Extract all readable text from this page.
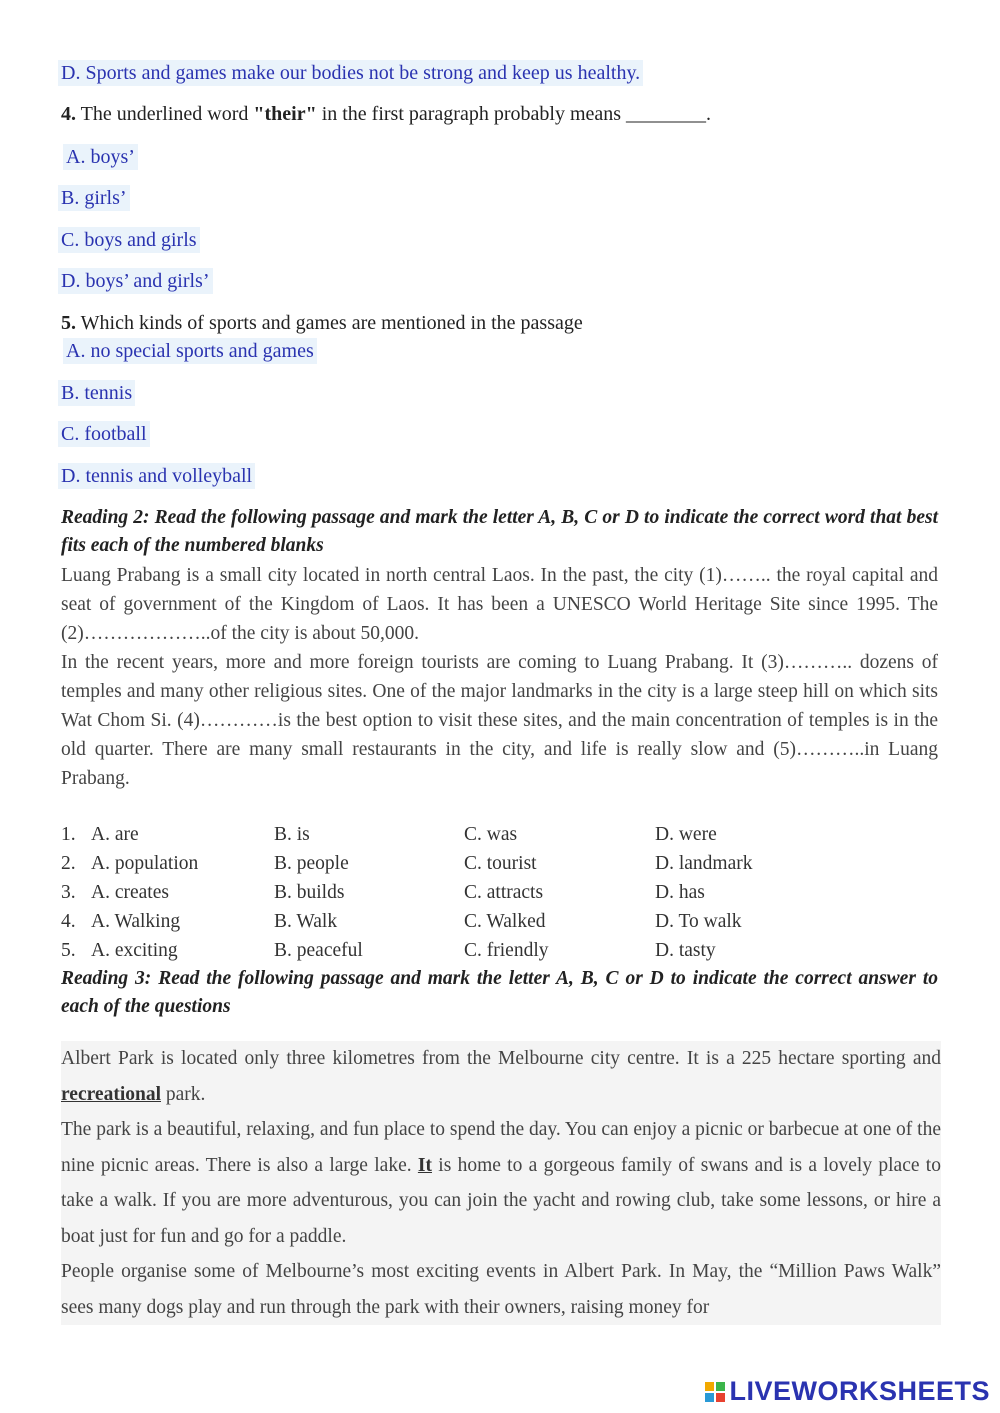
D. Sports and games make our bodies not be strong and keep us healthy.
4. The underlined word "their" in the first paragraph probably means ________.
A. boys’
B. girls’
C. boys and girls
D. boys’ and girls’
5. Which kinds of sports and games are mentioned in the passage
A. no special sports and games
B. tennis
C. football
D. tennis and volleyball
Reading 2: Read the following passage and mark the letter A, B, C or D to indicate the correct word that best fits each of the numbered blanks
Luang Prabang is a small city located in north central Laos. In the past, the city (1)…….. the royal capital and seat of government of the Kingdom of Laos. It has been a UNESCO World Heritage Site since 1995. The (2)………………..of the city is about 50,000.
In the recent years, more and more foreign tourists are coming to Luang Prabang. It (3)……….. dozens of temples and many other religious sites. One of the major landmarks in the city is a large steep hill on which sits Wat Chom Si. (4)…………is the best option to visit these sites, and the main concentration of temples is in the old quarter. There are many small restaurants in the city, and life is really slow and (5)………..in Luang Prabang.
1. A. are	B. is	C. was	D. were
2. A. population	B. people	C. tourist	D. landmark
3. A. creates	B. builds	C. attracts	D. has
4. A. Walking	B. Walk	C. Walked	D. To walk
5. A. exciting	B. peaceful	C. friendly	D. tasty
Reading 3: Read the following passage and mark the letter A, B, C or D to indicate the correct answer to each of the questions

Albert Park is located only three kilometres from the Melbourne city centre. It is a 225 hectare sporting and recreational park.

The park is a beautiful, relaxing, and fun place to spend the day. You can enjoy a picnic or barbecue at one of the nine picnic areas. There is also a large lake. It is home to a gorgeous family of swans and is a lovely place to take a walk. If you are more adventurous, you can join the yacht and rowing club, take some lessons, or hire a boat just for fun and go for a paddle.

People organise some of Melbourne’s most exciting events in Albert Park. In May, the “Million Paws Walk” sees many dogs play and run through the park with their owners, raising money for

LIVEWORKSHEETS
